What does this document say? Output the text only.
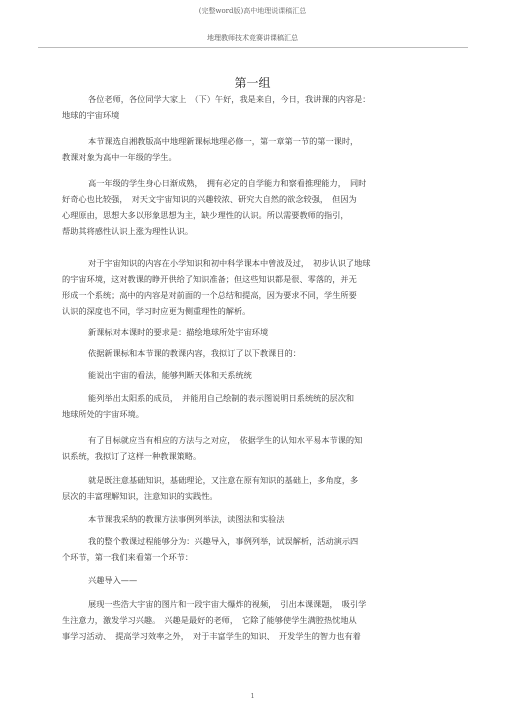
(完整word版)高中地理说课稿汇总
地理教师技术竞赛讲课稿汇总
第一组
各位老师，各位同学大家上　（下）午好，我是来自，今日，我讲课的内容是：
地球的宇宙环境
本节课选自湘教版高中地理新课标地理必修一，第一章第一节的第一课时，
教课对象为高中一年级的学生。
高一年级的学生身心日渐成熟，　拥有必定的自学能力和察看推理能力，　同时
好奇心也比较强，　对天文宇宙知识的兴趣较浓、研究大自然的欲念较强，　但因为
心理原由，思想大多以形象思想为主，缺少理性的认识。所以需要教师的指引，
帮助其将感性认识上涨为理性认识。
对于宇宙知识的内容在小学知识和初中科学课本中曾波及过，　初步认识了地球
的宇宙环境，这对教课的睁开供给了知识准备；但这些知识都是很、零落的，并无
形成一个系统；高中的内容是对前面的一个总结和提高，因为要求不同，学生所要
认识的深度也不同，学习时应更为侧重理性的解析。
新课标对本课时的要求是：描绘地球所处宇宙环境
依据新课标和本节课的教课内容，我拟订了以下教课目的：
能说出宇宙的看法，能够判断天体和天系统统
能列举出太阳系的成员，　并能用自己绘制的表示图说明日系统统的层次和
地球所处的宇宙环境。
有了目标就应当有相应的方法与之对应，　依据学生的认知水平易本节课的知
识系统，我拟订了这样一种教课策略。
就是既注意基础知识，基础理论，又注意在原有知识的基础上，多角度，多
层次的丰富理解知识，注意知识的实践性。
本节课我采纳的教课方法事例列举法，读图法和实验法
我的整个教课过程能够分为：兴趣导入，事例列举，试误解析，活动演示四
个环节，第一我们来看第一个环节：
兴趣导入——
展现一些浩大宇宙的图片和一段宇宙大爆炸的视频，　引出本课课题，　吸引学
生注意力，激发学习兴趣。　兴趣是最好的老师，　它除了能够使学生满腔热忱地从
事学习活动、　提高学习效率之外，　对于丰富学生的知识、　开发学生的智力也有着
1
